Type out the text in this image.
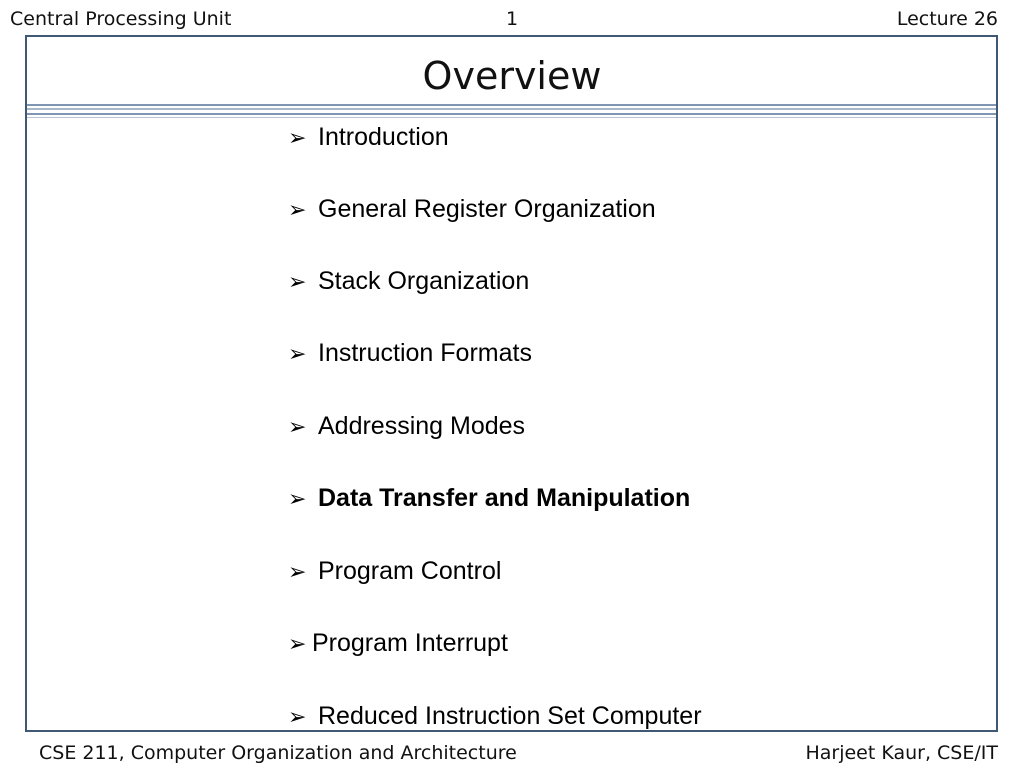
Central Processing Unit	1	Lecture 26
Overview
➢ Introduction
➢ General Register Organization
➢ Stack Organization
➢ Instruction Formats
➢ Addressing Modes
➢ Data Transfer and Manipulation
➢ Program Control
➢ Program Interrupt
➢ Reduced Instruction Set Computer
CSE 211, Computer Organization and Architecture	Harjeet Kaur, CSE/IT
